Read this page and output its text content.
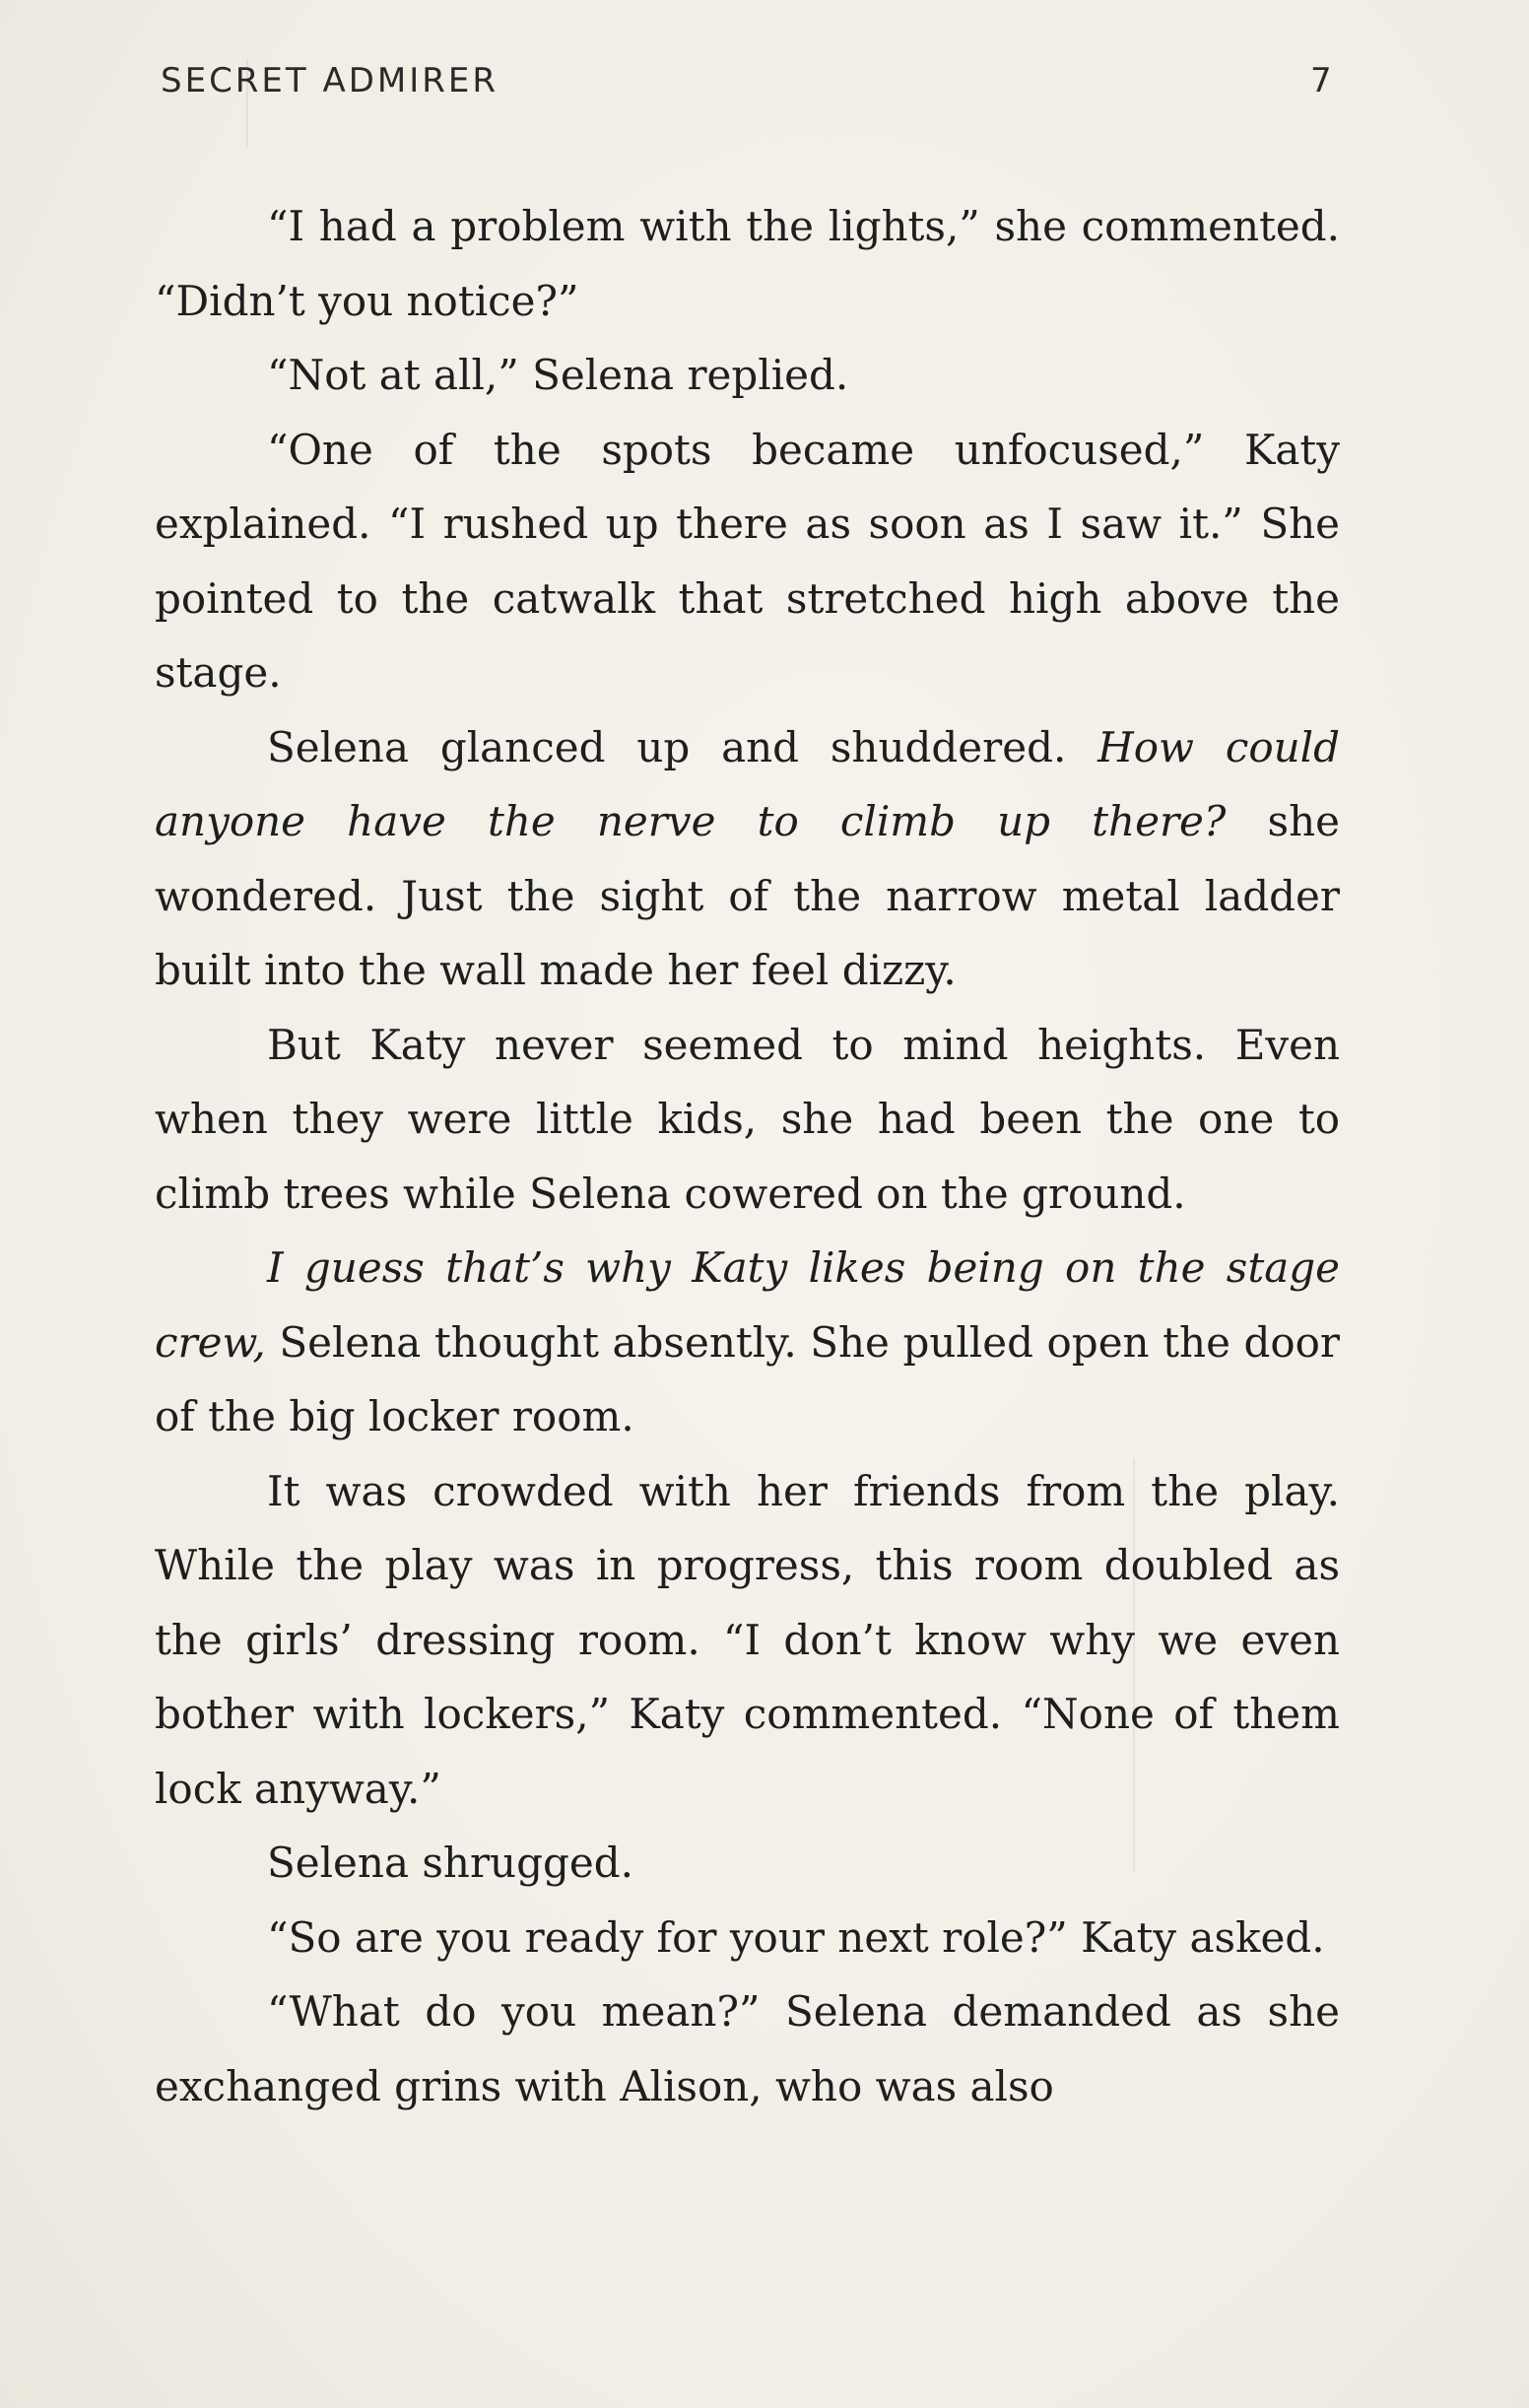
SECRET ADMIRER	7

“I had a problem with the lights,” she commented. “Didn’t you notice?”

“Not at all,” Selena replied.

“One of the spots became unfocused,” Katy explained. “I rushed up there as soon as I saw it.” She pointed to the catwalk that stretched high above the stage.

Selena glanced up and shuddered. How could anyone have the nerve to climb up there? she wondered. Just the sight of the narrow metal ladder built into the wall made her feel dizzy.

But Katy never seemed to mind heights. Even when they were little kids, she had been the one to climb trees while Selena cowered on the ground.

I guess that’s why Katy likes being on the stage crew, Selena thought absently. She pulled open the door of the big locker room.

It was crowded with her friends from the play. While the play was in progress, this room doubled as the girls’ dressing room. “I don’t know why we even bother with lockers,” Katy commented. “None of them lock anyway.”

Selena shrugged.

“So are you ready for your next role?” Katy asked.

“What do you mean?” Selena demanded as she exchanged grins with Alison, who was also
